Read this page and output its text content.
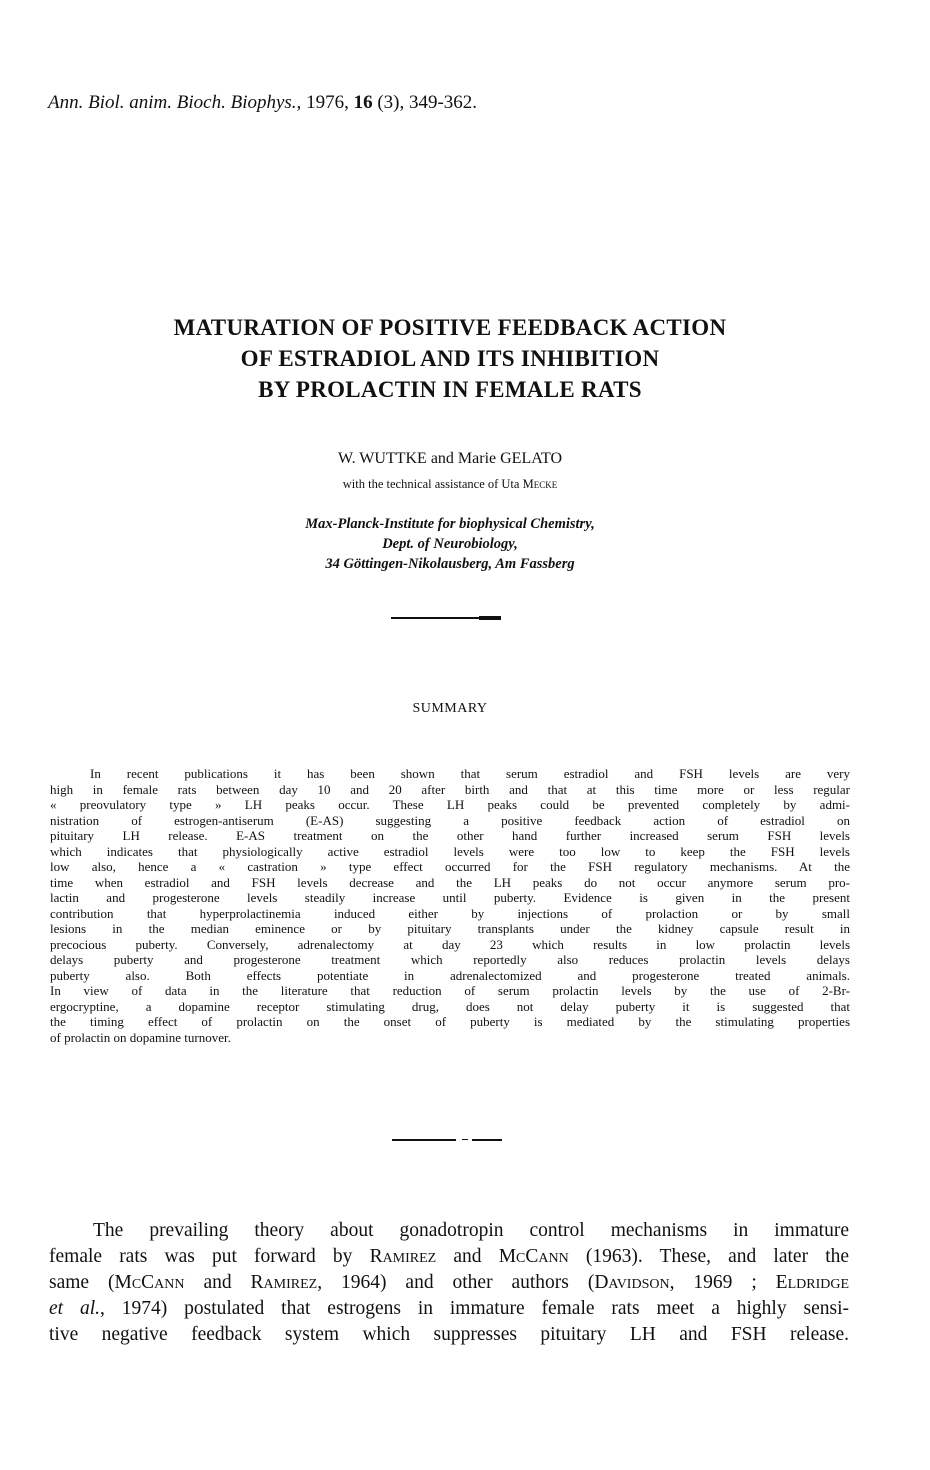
Ann. Biol. anim. Bioch. Biophys., 1976, 16 (3), 349-362.
MATURATION OF POSITIVE FEEDBACK ACTION
OF ESTRADIOL AND ITS INHIBITION
BY PROLACTIN IN FEMALE RATS
W. WUTTKE and Marie GELATO
with the technical assistance of Uta Mecke
Max-Planck-Institute for biophysical Chemistry,
Dept. of Neurobiology,
34 Göttingen-Nikolausberg, Am Fassberg
SUMMARY
In recent publications it has been shown that serum estradiol and FSH levels are very
high in female rats between day 10 and 20 after birth and that at this time more or less regular
« preovulatory type » LH peaks occur. These LH peaks could be prevented completely by admi-
nistration of estrogen-antiserum (E-AS) suggesting a positive feedback action of estradiol on
pituitary LH release. E-AS treatment on the other hand further increased serum FSH levels
which indicates that physiologically active estradiol levels were too low to keep the FSH levels
low also, hence a « castration » type effect occurred for the FSH regulatory mechanisms. At the
time when estradiol and FSH levels decrease and the LH peaks do not occur anymore serum pro-
lactin and progesterone levels steadily increase until puberty. Evidence is given in the present
contribution that hyperprolactinemia induced either by injections of prolaction or by small
lesions in the median eminence or by pituitary transplants under the kidney capsule result in
precocious puberty. Conversely, adrenalectomy at day 23 which results in low prolactin levels
delays puberty and progesterone treatment which reportedly also reduces prolactin levels delays
puberty also. Both effects potentiate in adrenalectomized and progesterone treated animals.
In view of data in the literature that reduction of serum prolactin levels by the use of 2-Br-
ergocryptine, a dopamine receptor stimulating drug, does not delay puberty it is suggested that
the timing effect of prolactin on the onset of puberty is mediated by the stimulating properties
of prolactin on dopamine turnover.
The prevailing theory about gonadotropin control mechanisms in immature
female rats was put forward by Ramirez and McCann (1963). These, and later the
same (McCann and Ramirez, 1964) and other authors (Davidson, 1969 ; Eldridge
et al., 1974) postulated that estrogens in immature female rats meet a highly sensi-
tive negative feedback system which suppresses pituitary LH and FSH release.
